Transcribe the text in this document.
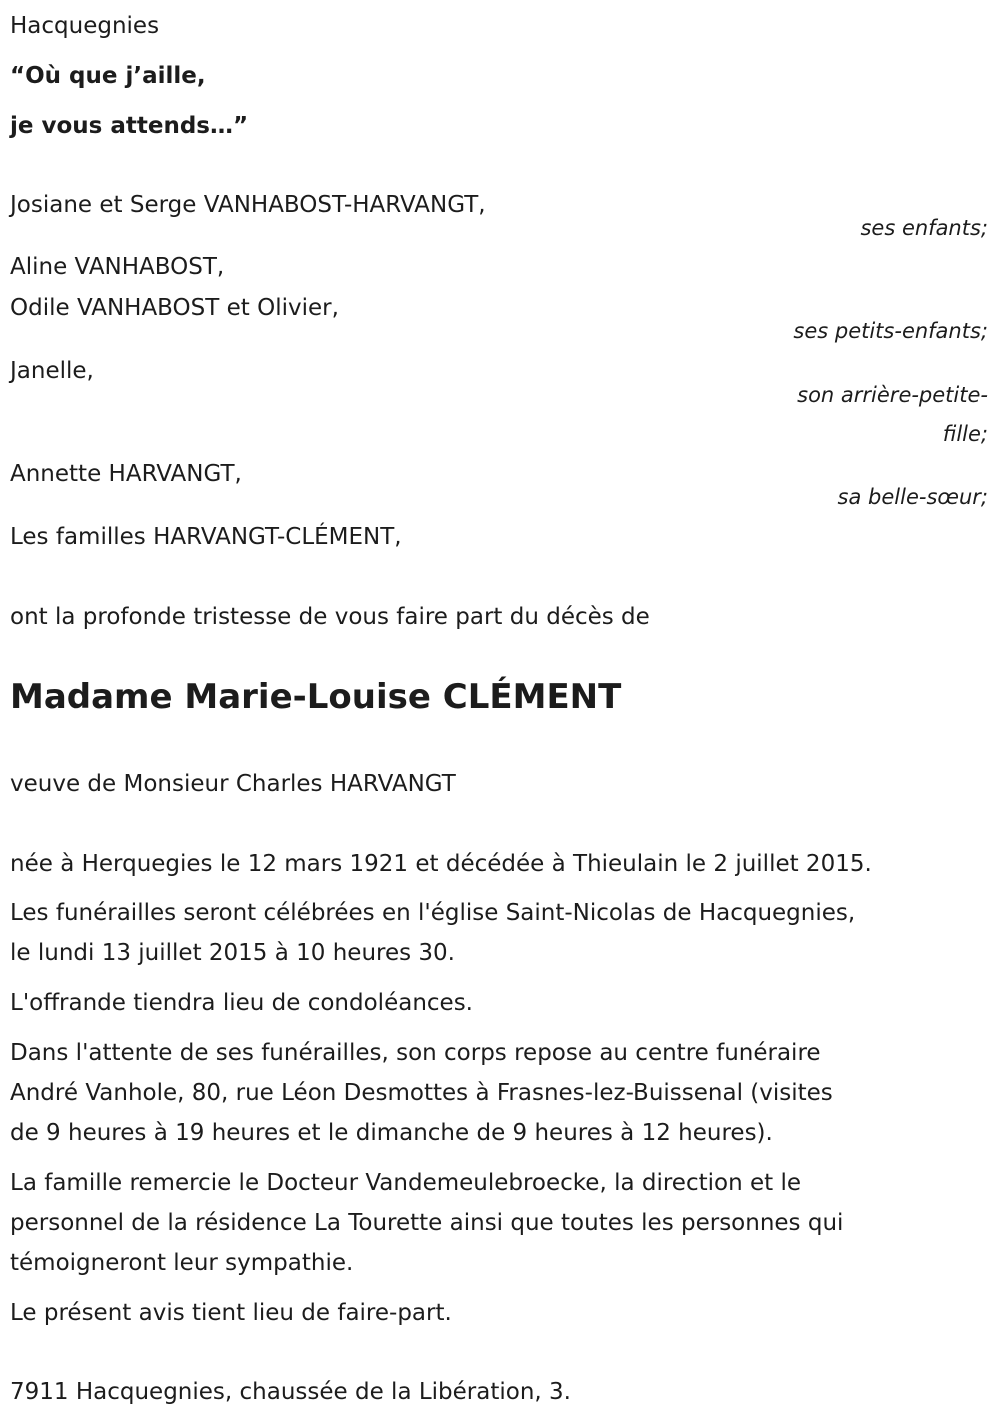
Hacquegnies
“Où que j’aille,
je vous attends…”
Josiane et Serge VANHABOST-HARVANGT,
ses enfants;
Aline VANHABOST,
Odile VANHABOST et Olivier,
ses petits-enfants;
Janelle,
son arrière-petite-
fille;
Annette HARVANGT,
sa belle-sœur;
Les familles HARVANGT-CLÉMENT,
ont la profonde tristesse de vous faire part du décès de
Madame Marie-Louise CLÉMENT
veuve de Monsieur Charles HARVANGT
née à Herquegies le 12 mars 1921 et décédée à Thieulain le 2 juillet 2015.
Les funérailles seront célébrées en l'église Saint-Nicolas de Hacquegnies,
le lundi 13 juillet 2015 à 10 heures 30.
L'offrande tiendra lieu de condoléances.
Dans l'attente de ses funérailles, son corps repose au centre funéraire
André Vanhole, 80, rue Léon Desmottes à Frasnes-lez-Buissenal (visites
de 9 heures à 19 heures et le dimanche de 9 heures à 12 heures).
La famille remercie le Docteur Vandemeulebroecke, la direction et le
personnel de la résidence La Tourette ainsi que toutes les personnes qui
témoigneront leur sympathie.
Le présent avis tient lieu de faire-part.
7911 Hacquegnies, chaussée de la Libération, 3.
